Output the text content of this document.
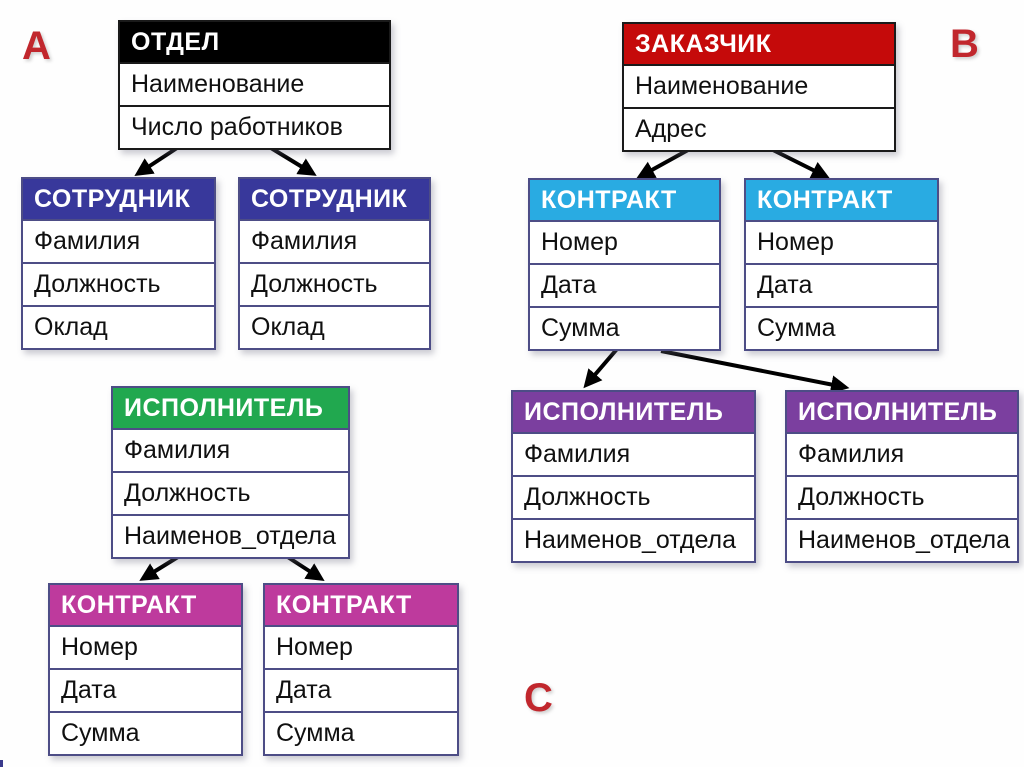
А	В
С
ОТДЕЛ
Наименование
Число работников
СОТРУДНИК
Фамилия
Должность
Оклад
СОТРУДНИК
Фамилия
Должность
Оклад
ЗАКАЗЧИК
Наименование
Адрес
КОНТРАКТ
Номер
Дата
Сумма
КОНТРАКТ
Номер
Дата
Сумма
ИСПОЛНИТЕЛЬ
Фамилия
Должность
Наименов_отдела
ИСПОЛНИТЕЛЬ
Фамилия
Должность
Наименов_отдела
ИСПОЛНИТЕЛЬ
Фамилия
Должность
Наименов_отдела
КОНТРАКТ
Номер
Дата
Сумма
КОНТРАКТ
Номер
Дата
Сумма
